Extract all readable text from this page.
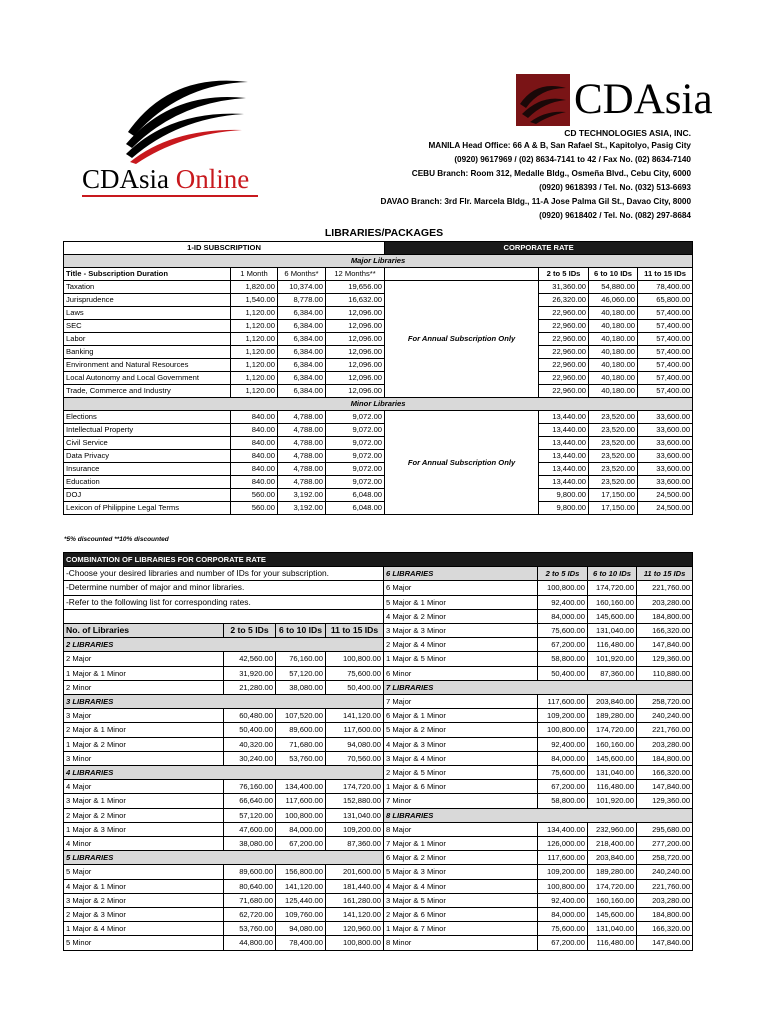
CDAsia Online
CDAsia
CD TECHNOLOGIES ASIA, INC.
MANILA Head Office: 66 A & B, San Rafael St., Kapitolyo, Pasig City
(0920) 9617969 / (02) 8634-7141 to 42 / Fax No. (02) 8634-7140
CEBU Branch: Room 312, Medalle Bldg., Osmeña Blvd., Cebu City, 6000
(0920) 9618393 / Tel. No. (032) 513-6693
DAVAO Branch: 3rd Flr. Marcela Bldg., 11-A Jose Palma Gil St., Davao City, 8000
(0920) 9618402 / Tel. No. (082) 297-8684
LIBRARIES/PACKAGES
1-ID SUBSCRIPTION				CORPORATE RATE			
Major Libraries							
Title - Subscription Duration	1 Month	6 Months*	12 Months**		2 to 5 IDs	6 to 10 IDs	11 to 15 IDs
Taxation	1,820.00	10,374.00	19,656.00	For Annual Subscription Only	31,360.00	54,880.00	78,400.00
Jurisprudence	1,540.00	8,778.00	16,632.00		26,320.00	46,060.00	65,800.00
Laws	1,120.00	6,384.00	12,096.00		22,960.00	40,180.00	57,400.00
SEC	1,120.00	6,384.00	12,096.00		22,960.00	40,180.00	57,400.00
Labor	1,120.00	6,384.00	12,096.00		22,960.00	40,180.00	57,400.00
Banking	1,120.00	6,384.00	12,096.00		22,960.00	40,180.00	57,400.00
Environment and Natural Resources	1,120.00	6,384.00	12,096.00		22,960.00	40,180.00	57,400.00
Local Autonomy and Local Government	1,120.00	6,384.00	12,096.00		22,960.00	40,180.00	57,400.00
Trade, Commerce and Industry	1,120.00	6,384.00	12,096.00		22,960.00	40,180.00	57,400.00
Minor Libraries							
Elections	840.00	4,788.00	9,072.00	For Annual Subscription Only	13,440.00	23,520.00	33,600.00
Intellectual Property	840.00	4,788.00	9,072.00		13,440.00	23,520.00	33,600.00
Civil Service	840.00	4,788.00	9,072.00		13,440.00	23,520.00	33,600.00
Data Privacy	840.00	4,788.00	9,072.00		13,440.00	23,520.00	33,600.00
Insurance	840.00	4,788.00	9,072.00		13,440.00	23,520.00	33,600.00
Education	840.00	4,788.00	9,072.00		13,440.00	23,520.00	33,600.00
DOJ	560.00	3,192.00	6,048.00		9,800.00	17,150.00	24,500.00
Lexicon of Philippine Legal Terms	560.00	3,192.00	6,048.00		9,800.00	17,150.00	24,500.00
*5% discounted **10% discounted
COMBINATION OF LIBRARIES FOR CORPORATE RATE							
-Choose your desired libraries and number of IDs for your subscription.				6 LIBRARIES	2 to 5 IDs	6 to 10 IDs	11 to 15 IDs
-Determine number of major and minor libraries.				6 Major	100,800.00	174,720.00	221,760.00
-Refer to the following list for corresponding rates.				5 Major & 1 Minor	92,400.00	160,160.00	203,280.00
				4 Major & 2 Minor	84,000.00	145,600.00	184,800.00
No. of Libraries	2 to 5 IDs	6 to 10 IDs	11 to 15 IDs	3 Major & 3 Minor	75,600.00	131,040.00	166,320.00
2 LIBRARIES				2 Major & 4 Minor	67,200.00	116,480.00	147,840.00
2 Major	42,560.00	76,160.00	100,800.00	1 Major & 5 Minor	58,800.00	101,920.00	129,360.00
1 Major & 1 Minor	31,920.00	57,120.00	75,600.00	6 Minor	50,400.00	87,360.00	110,880.00
2 Minor	21,280.00	38,080.00	50,400.00	7 LIBRARIES			
3 LIBRARIES				7 Major	117,600.00	203,840.00	258,720.00
3 Major	60,480.00	107,520.00	141,120.00	6 Major & 1 Minor	109,200.00	189,280.00	240,240.00
2 Major & 1 Minor	50,400.00	89,600.00	117,600.00	5 Major & 2 Minor	100,800.00	174,720.00	221,760.00
1 Major & 2 Minor	40,320.00	71,680.00	94,080.00	4 Major & 3 Minor	92,400.00	160,160.00	203,280.00
3 Minor	30,240.00	53,760.00	70,560.00	3 Major & 4 Minor	84,000.00	145,600.00	184,800.00
4 LIBRARIES				2 Major & 5 Minor	75,600.00	131,040.00	166,320.00
4 Major	76,160.00	134,400.00	174,720.00	1 Major & 6 Minor	67,200.00	116,480.00	147,840.00
3 Major & 1 Minor	66,640.00	117,600.00	152,880.00	7 Minor	58,800.00	101,920.00	129,360.00
2 Major & 2 Minor	57,120.00	100,800.00	131,040.00	8 LIBRARIES			
1 Major & 3 Minor	47,600.00	84,000.00	109,200.00	8 Major	134,400.00	232,960.00	295,680.00
4 Minor	38,080.00	67,200.00	87,360.00	7 Major & 1 Minor	126,000.00	218,400.00	277,200.00
5 LIBRARIES				6 Major & 2 Minor	117,600.00	203,840.00	258,720.00
5 Major	89,600.00	156,800.00	201,600.00	5 Major & 3 Minor	109,200.00	189,280.00	240,240.00
4 Major & 1 Minor	80,640.00	141,120.00	181,440.00	4 Major & 4 Minor	100,800.00	174,720.00	221,760.00
3 Major & 2 Minor	71,680.00	125,440.00	161,280.00	3 Major & 5 Minor	92,400.00	160,160.00	203,280.00
2 Major & 3 Minor	62,720.00	109,760.00	141,120.00	2 Major & 6 Minor	84,000.00	145,600.00	184,800.00
1 Major & 4 Minor	53,760.00	94,080.00	120,960.00	1 Major & 7 Minor	75,600.00	131,040.00	166,320.00
5 Minor	44,800.00	78,400.00	100,800.00	8 Minor	67,200.00	116,480.00	147,840.00
